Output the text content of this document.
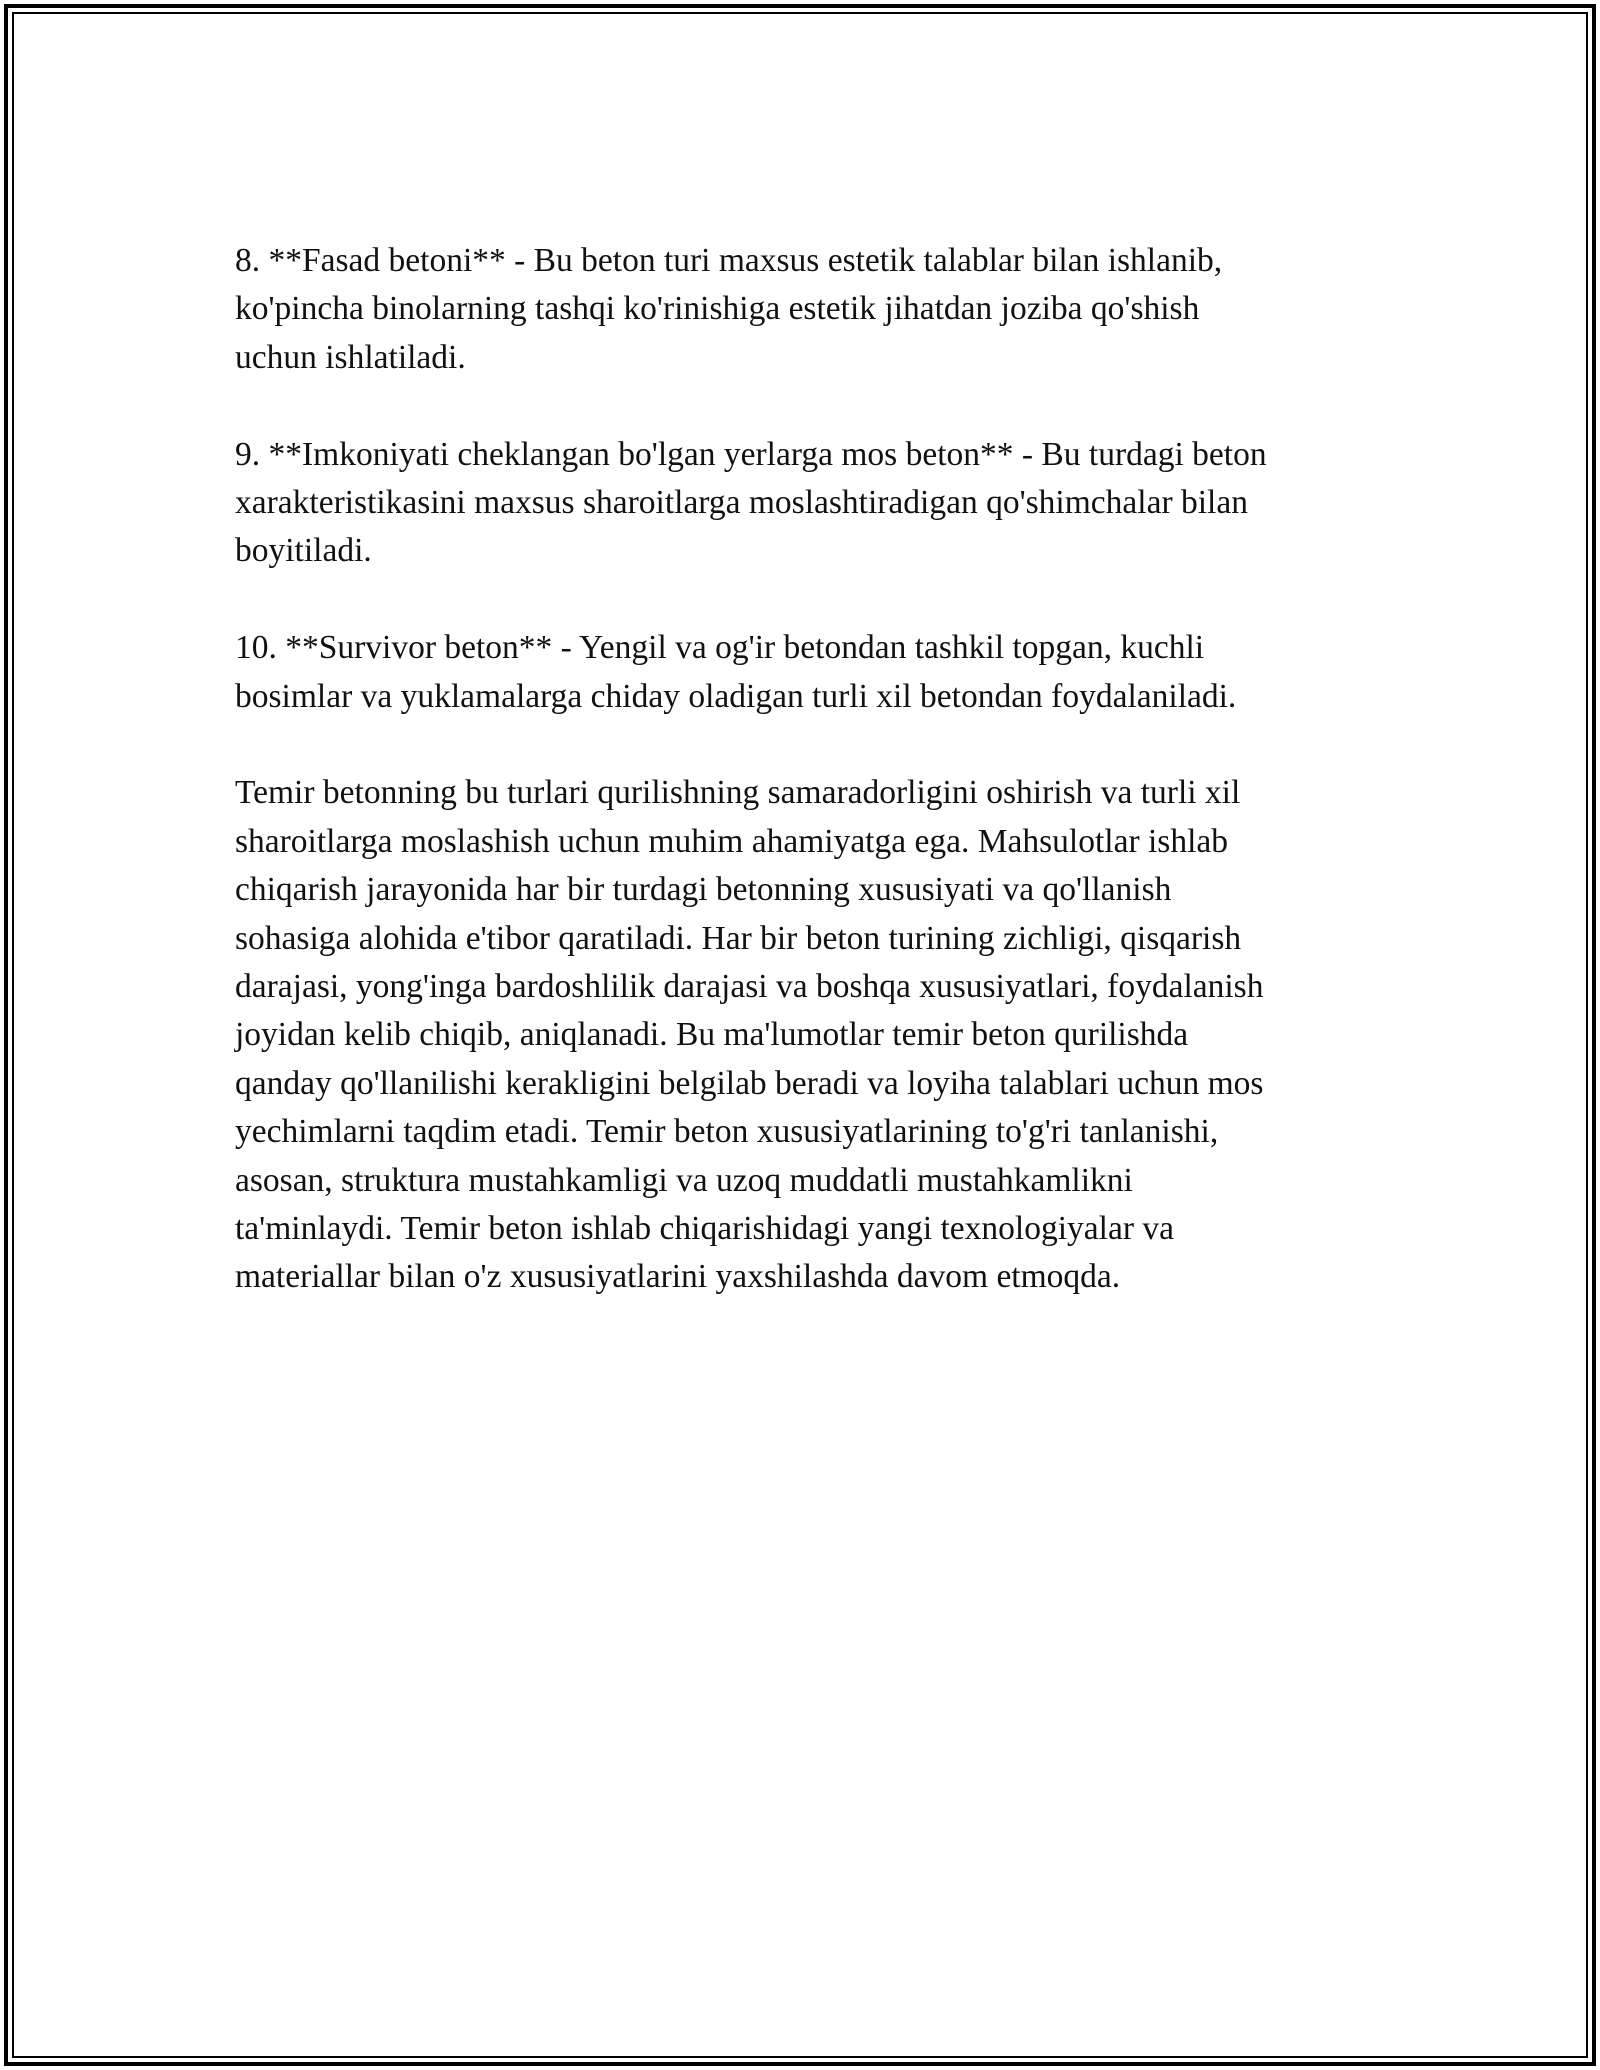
8. **Fasad betoni** - Bu beton turi maxsus estetik talablar bilan ishlanib,
ko'pincha binolarning tashqi ko'rinishiga estetik jihatdan joziba qo'shish
uchun ishlatiladi.

9. **Imkoniyati cheklangan bo'lgan yerlarga mos beton** - Bu turdagi beton
xarakteristikasini maxsus sharoitlarga moslashtiradigan qo'shimchalar bilan
boyitiladi.

10. **Survivor beton** - Yengil va og'ir betondan tashkil topgan, kuchli
bosimlar va yuklamalarga chiday oladigan turli xil betondan foydalaniladi.

Temir betonning bu turlari qurilishning samaradorligini oshirish va turli xil
sharoitlarga moslashish uchun muhim ahamiyatga ega. Mahsulotlar ishlab
chiqarish jarayonida har bir turdagi betonning xususiyati va qo'llanish
sohasiga alohida e'tibor qaratiladi. Har bir beton turining zichligi, qisqarish
darajasi, yong'inga bardoshlilik darajasi va boshqa xususiyatlari, foydalanish
joyidan kelib chiqib, aniqlanadi. Bu ma'lumotlar temir beton qurilishda
qanday qo'llanilishi kerakligini belgilab beradi va loyiha talablari uchun mos
yechimlarni taqdim etadi. Temir beton xususiyatlarining to'g'ri tanlanishi,
asosan, struktura mustahkamligi va uzoq muddatli mustahkamlikni
ta'minlaydi. Temir beton ishlab chiqarishidagi yangi texnologiyalar va
materiallar bilan o'z xususiyatlarini yaxshilashda davom etmoqda.
